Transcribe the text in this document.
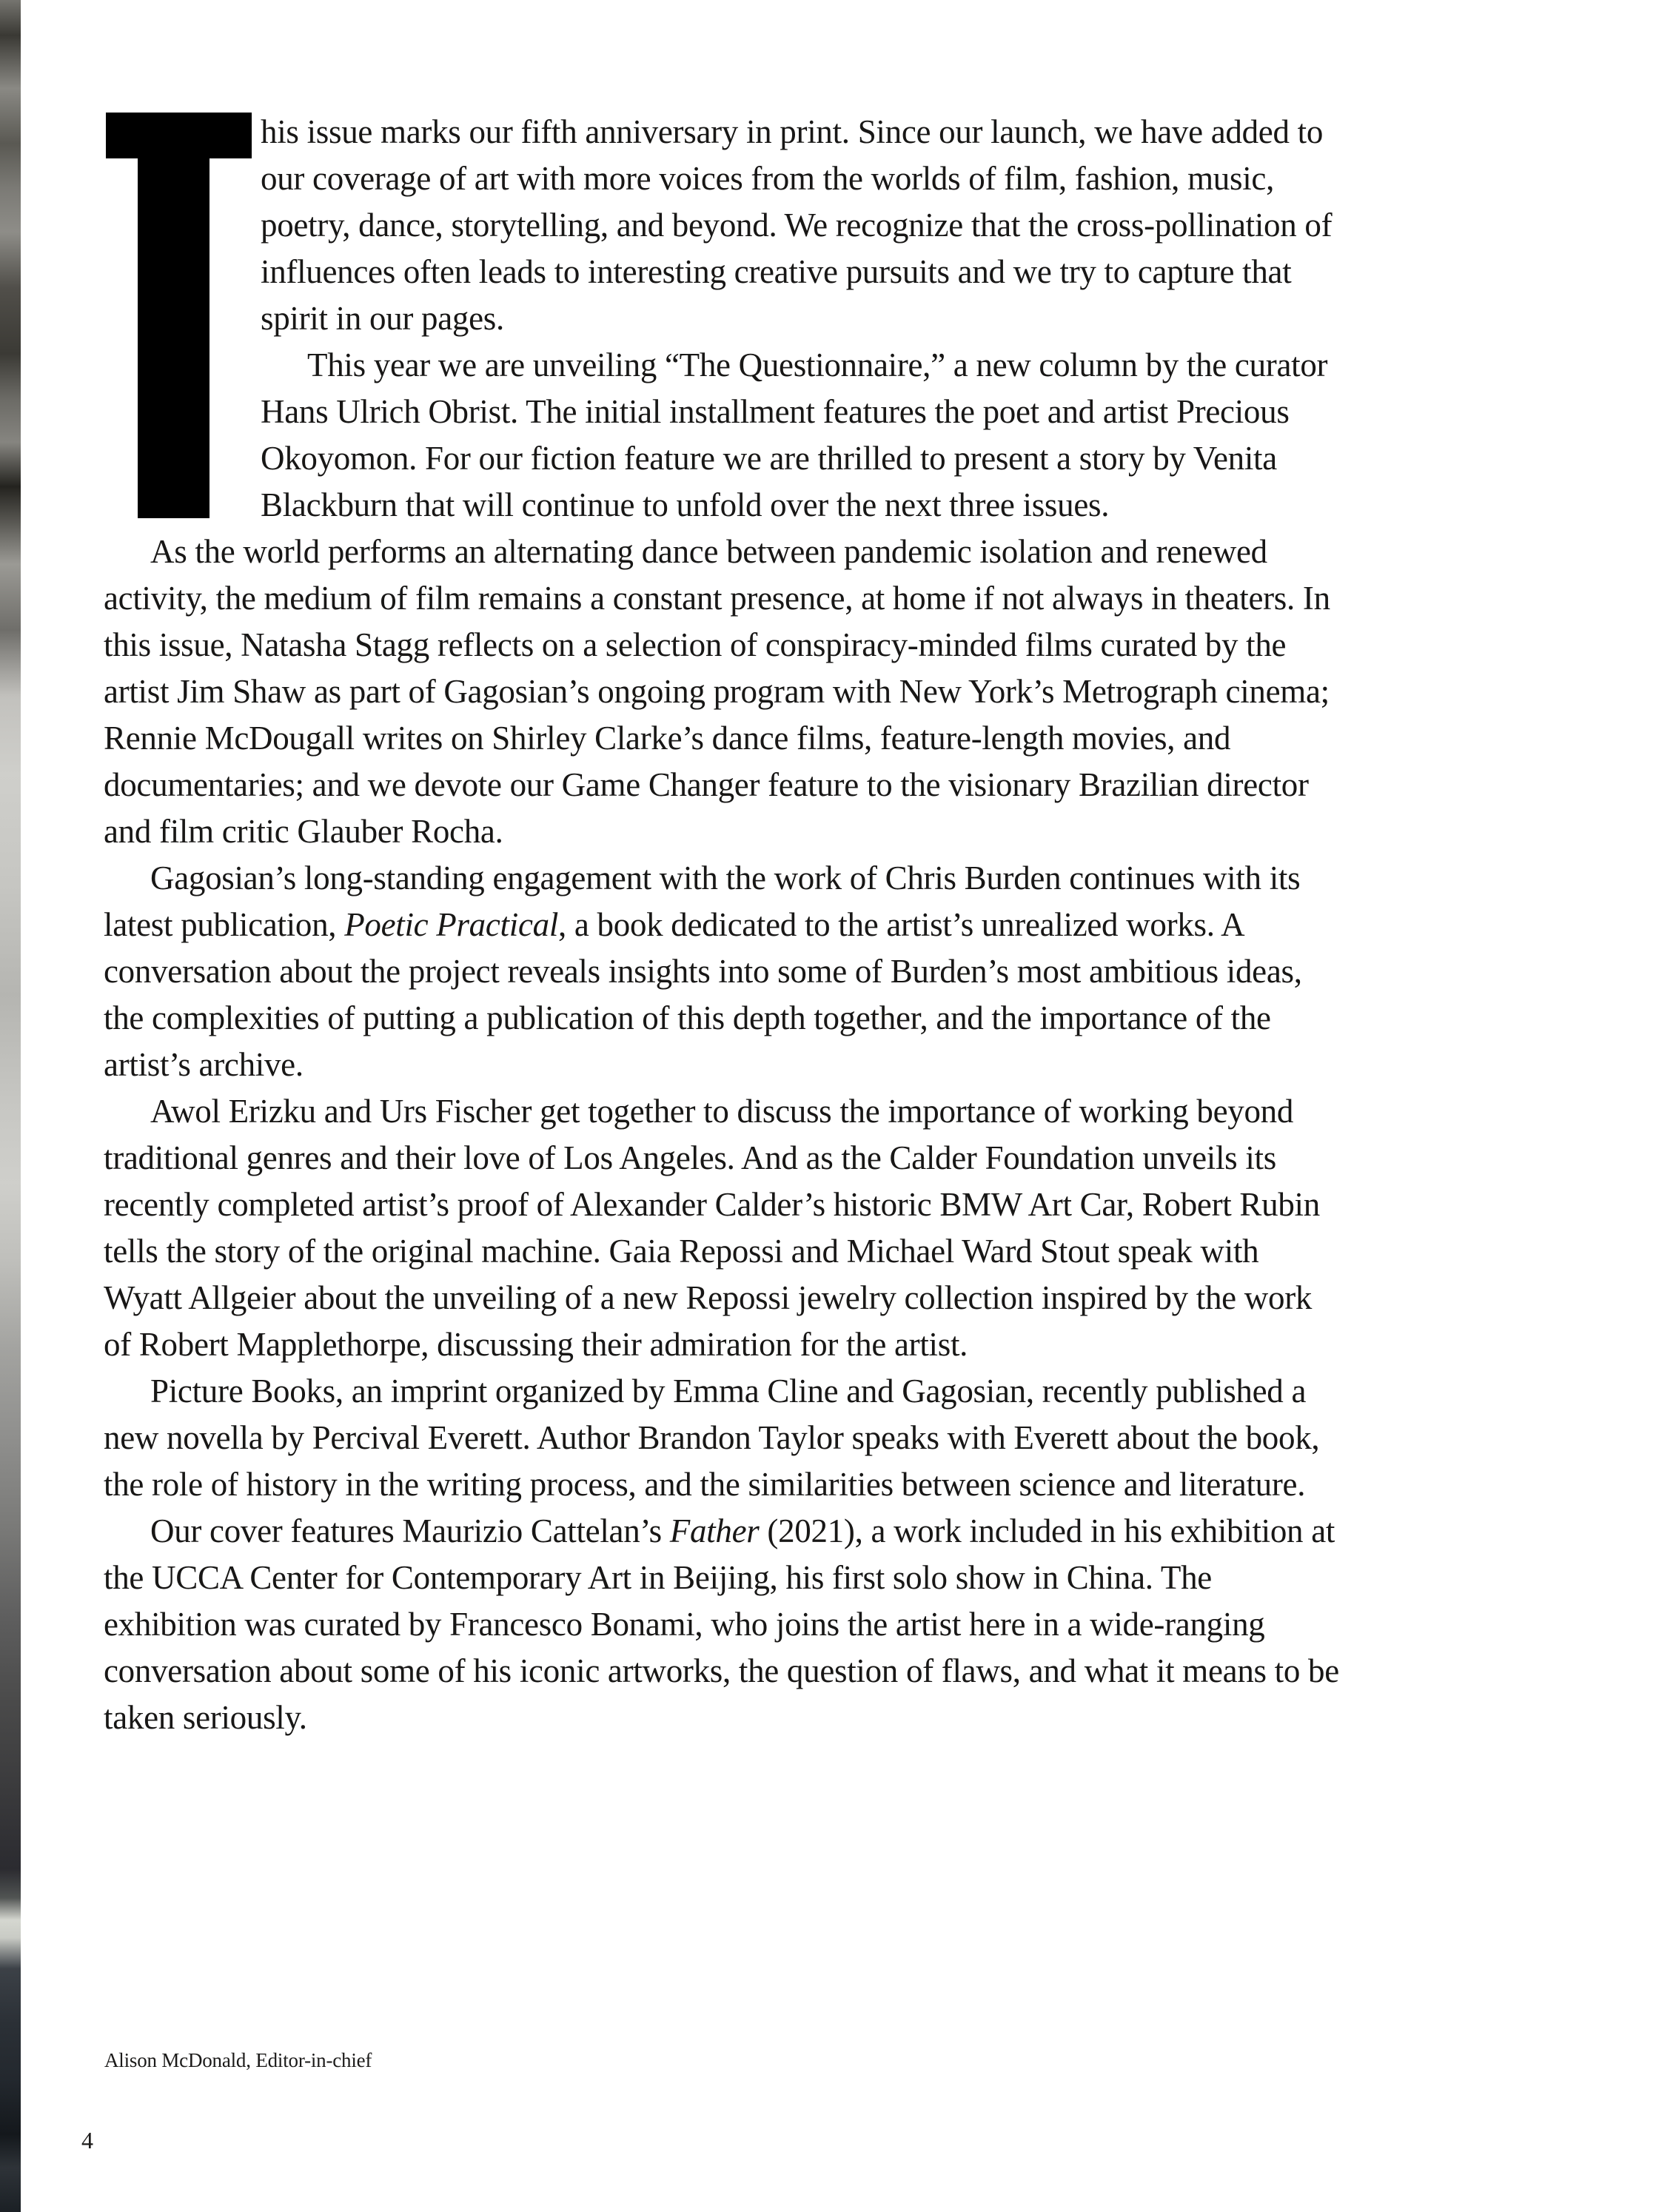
his issue marks our fifth anniversary in print. Since our launch, we have added to our coverage of art with more voices from the worlds of film, fashion, music, poetry, dance, storytelling, and beyond. We recognize that the cross-pollination of influences often leads to interesting creative pursuits and we try to capture that spirit in our pages.

This year we are unveiling “The Questionnaire,” a new column by the curator Hans Ulrich Obrist. The initial installment features the poet and artist Precious Okoyomon. For our fiction feature we are thrilled to present a story by Venita Blackburn that will continue to unfold over the next three issues.

As the world performs an alternating dance between pandemic isolation and renewed activity, the medium of film remains a constant presence, at home if not always in theaters. In this issue, Natasha Stagg reflects on a selection of conspiracy-minded films curated by the artist Jim Shaw as part of Gagosian’s ongoing program with New York’s Metrograph cinema; Rennie McDougall writes on Shirley Clarke’s dance films, feature-length movies, and documentaries; and we devote our Game Changer feature to the visionary Brazilian director and film critic Glauber Rocha.

Gagosian’s long-standing engagement with the work of Chris Burden continues with its latest publication, Poetic Practical, a book dedicated to the artist’s unrealized works. A conversation about the project reveals insights into some of Burden’s most ambitious ideas, the complexities of putting a publication of this depth together, and the importance of the artist’s archive.

Awol Erizku and Urs Fischer get together to discuss the importance of working beyond traditional genres and their love of Los Angeles. And as the Calder Foundation unveils its recently completed artist’s proof of Alexander Calder’s historic BMW Art Car, Robert Rubin tells the story of the original machine. Gaia Repossi and Michael Ward Stout speak with Wyatt Allgeier about the unveiling of a new Repossi jewelry collection inspired by the work of Robert Mapplethorpe, discussing their admiration for the artist.

Picture Books, an imprint organized by Emma Cline and Gagosian, recently published a new novella by Percival Everett. Author Brandon Taylor speaks with Everett about the book, the role of history in the writing process, and the similarities between science and literature.

Our cover features Maurizio Cattelan’s Father (2021), a work included in his exhibition at the UCCA Center for Contemporary Art in Beijing, his first solo show in China. The exhibition was curated by Francesco Bonami, who joins the artist here in a wide-ranging conversation about some of his iconic artworks, the question of flaws, and what it means to be taken seriously.

Alison McDonald, Editor-in-chief
4
